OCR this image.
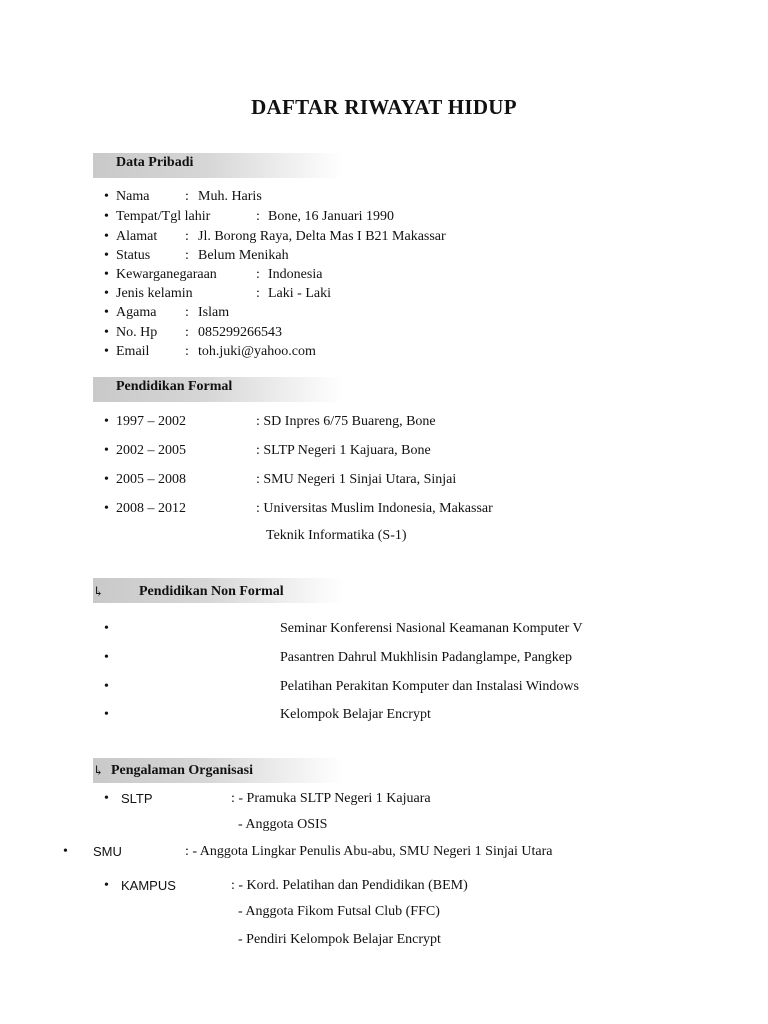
DAFTAR RIWAYAT HIDUP
Data Pribadi
• Nama	: Muh. Haris
• Tempat/Tgl lahir	: Bone, 16 Januari 1990
• Alamat : Jl. Borong Raya, Delta Mas I B21 Makassar
• Status : Belum Menikah
• Kewarganegaraan	: Indonesia
• Jenis kelamin	: Laki - Laki
• Agama : Islam
• No. Hp : 085299266543
• Email	: toh.juki@yahoo.com
Pendidikan Formal
• 1997 – 2002	: SD Inpres 6/75 Buareng, Bone
• 2002 – 2005	: SLTP Negeri 1 Kajuara, Bone
• 2005 – 2008	: SMU Negeri 1 Sinjai Utara, Sinjai
• 2008 – 2012	: Universitas Muslim Indonesia, Makassar
Teknik Informatika (S-1)
↳	Pendidikan Non Formal
•	Seminar Konferensi Nasional Keamanan Komputer V
•	Pasantren Dahrul Mukhlisin Padanglampe, Pangkep
•	Pelatihan Perakitan Komputer dan Instalasi Windows
•	Kelompok Belajar Encrypt
↳ Pengalaman Organisasi
• SLTP	: - Pramuka SLTP Negeri 1 Kajuara
- Anggota OSIS
• SMU	: - Anggota Lingkar Penulis Abu-abu, SMU Negeri 1 Sinjai Utara
• KAMPUS	: - Kord. Pelatihan dan Pendidikan (BEM)
- Anggota Fikom Futsal Club (FFC)
- Pendiri Kelompok Belajar Encrypt
